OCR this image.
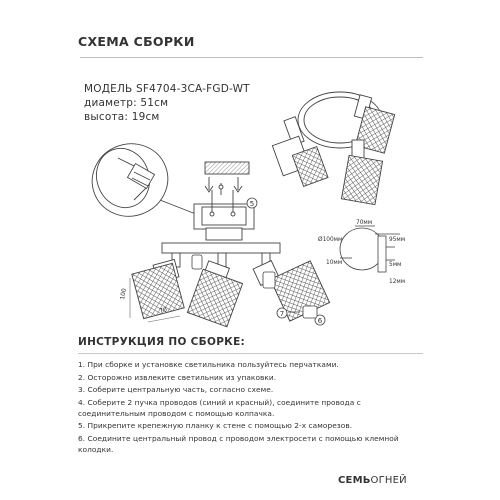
СХЕМА СБОРКИ
МОДЕЛЬ SF4704-3CA-FGD-WT
диаметр: 51см
высота: 19см
5
100
70	7
6
Ø100мм
70мм
95мм
10мм	5мм
12мм
ИНСТРУКЦИЯ ПО СБОРКЕ:
1. При сборке и установке светильника пользуйтесь перчатками.
2. Осторожно извлеките светильник из упаковки.
3. Соберите центральную часть, согласно схеме.
4. Соберите 2 пучка проводов (синий и красный), соедините провода с соединительным проводом с помощью колпачка.
5. Прикрепите крепежную планку к стене с помощью 2-х саморезов.
6. Соедините центральный провод с проводом электросети с помощью клемной колодки.
СЕМЬОГНЕЙ
